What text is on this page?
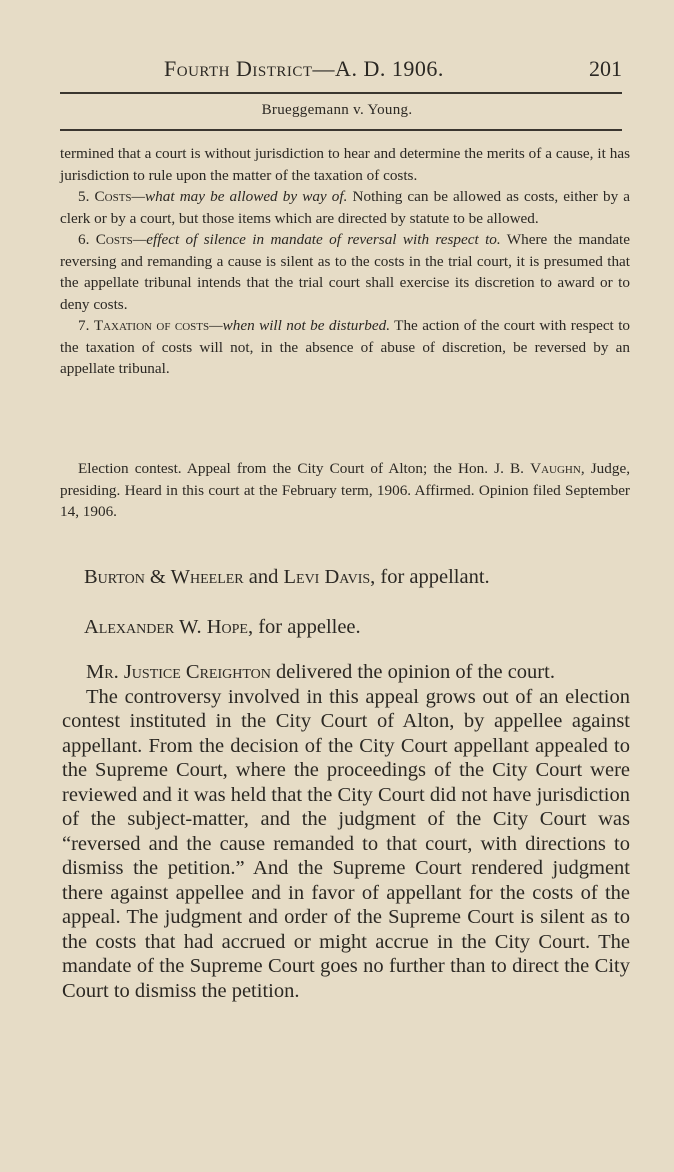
Fourth District—A. D. 1906.	201
Brueggemann v. Young.

termined that a court is without jurisdiction to hear and determine the merits of a cause, it has jurisdiction to rule upon the matter of the taxation of costs.

5. Costs—what may be allowed by way of. Nothing can be allowed as costs, either by a clerk or by a court, but those items which are directed by statute to be allowed.

6. Costs—effect of silence in mandate of reversal with respect to. Where the mandate reversing and remanding a cause is silent as to the costs in the trial court, it is presumed that the appellate tribunal intends that the trial court shall exercise its discretion to award or to deny costs.

7. Taxation of costs—when will not be disturbed. The action of the court with respect to the taxation of costs will not, in the absence of abuse of discretion, be reversed by an appellate tribunal.

Election contest. Appeal from the City Court of Alton; the Hon. J. B. Vaughn, Judge, presiding. Heard in this court at the February term, 1906. Affirmed. Opinion filed September 14, 1906.

Burton & Wheeler and Levi Davis, for appellant.
Alexander W. Hope, for appellee.

Mr. Justice Creighton delivered the opinion of the court.

The controversy involved in this appeal grows out of an election contest instituted in the City Court of Alton, by appellee against appellant. From the decision of the City Court appellant appealed to the Supreme Court, where the proceedings of the City Court were reviewed and it was held that the City Court did not have jurisdiction of the subject-matter, and the judgment of the City Court was “reversed and the cause remanded to that court, with directions to dismiss the petition.” And the Supreme Court rendered judgment there against appellee and in favor of appellant for the costs of the appeal. The judgment and order of the Supreme Court is silent as to the costs that had accrued or might accrue in the City Court. The mandate of the Supreme Court goes no further than to direct the City Court to dismiss the petition.
